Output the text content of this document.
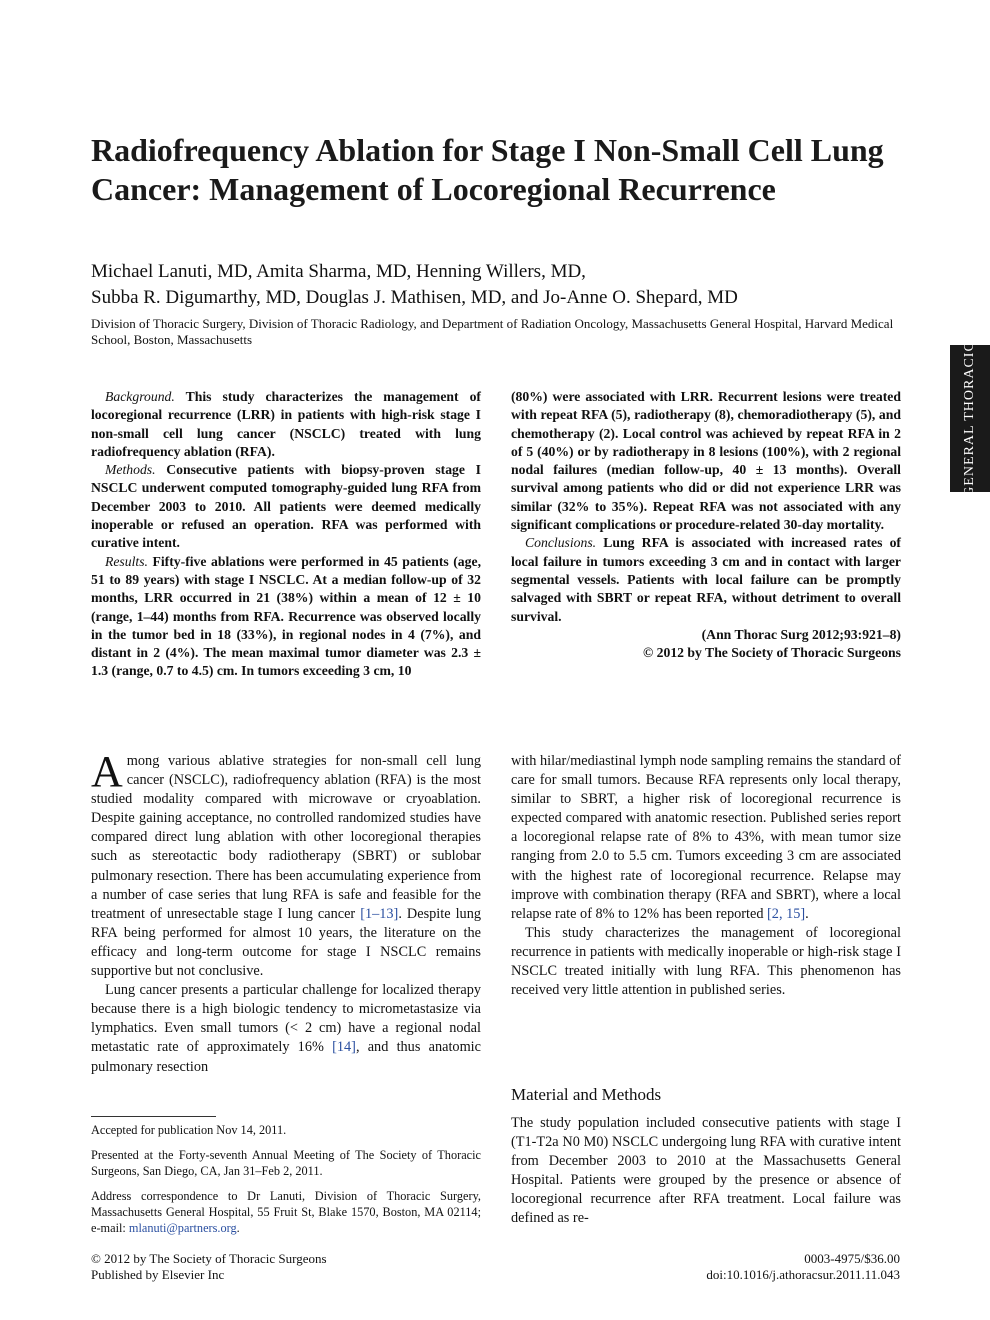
Radiofrequency Ablation for Stage I Non-Small Cell Lung Cancer: Management of Locoregional Recurrence
Michael Lanuti, MD, Amita Sharma, MD, Henning Willers, MD,
Subba R. Digumarthy, MD, Douglas J. Mathisen, MD, and Jo-Anne O. Shepard, MD
Division of Thoracic Surgery, Division of Thoracic Radiology, and Department of Radiation Oncology, Massachusetts General Hospital, Harvard Medical School, Boston, Massachusetts
GENERAL THORACIC

Background. This study characterizes the management of locoregional recurrence (LRR) in patients with high-risk stage I non-small cell lung cancer (NSCLC) treated with lung radiofrequency ablation (RFA).

Methods. Consecutive patients with biopsy-proven stage I NSCLC underwent computed tomography-guided lung RFA from December 2003 to 2010. All patients were deemed medically inoperable or refused an operation. RFA was performed with curative intent.

Results. Fifty-five ablations were performed in 45 patients (age, 51 to 89 years) with stage I NSCLC. At a median follow-up of 32 months, LRR occurred in 21 (38%) within a mean of 12 ± 10 (range, 1–44) months from RFA. Recurrence was observed locally in the tumor bed in 18 (33%), in regional nodes in 4 (7%), and distant in 2 (4%). The mean maximal tumor diameter was 2.3 ± 1.3 (range, 0.7 to 4.5) cm. In tumors exceeding 3 cm, 10

(80%) were associated with LRR. Recurrent lesions were treated with repeat RFA (5), radiotherapy (8), chemoradiotherapy (5), and chemotherapy (2). Local control was achieved by repeat RFA in 2 of 5 (40%) or by radiotherapy in 8 lesions (100%), with 2 regional nodal failures (median follow-up, 40 ± 13 months). Overall survival among patients who did or did not experience LRR was similar (32% to 35%). Repeat RFA was not associated with any significant complications or procedure-related 30-day mortality.

Conclusions. Lung RFA is associated with increased rates of local failure in tumors exceeding 3 cm and in contact with larger segmental vessels. Patients with local failure can be promptly salvaged with SBRT or repeat RFA, without detriment to overall survival.

(Ann Thorac Surg 2012;93:921–8)

© 2012 by The Society of Thoracic Surgeons

Among various ablative strategies for non-small cell lung cancer (NSCLC), radiofrequency ablation (RFA) is the most studied modality compared with microwave or cryoablation. Despite gaining acceptance, no controlled randomized studies have compared direct lung ablation with other locoregional therapies such as stereotactic body radiotherapy (SBRT) or sublobar pulmonary resection. There has been accumulating experience from a number of case series that lung RFA is safe and feasible for the treatment of unresectable stage I lung cancer [1–13]. Despite lung RFA being performed for almost 10 years, the literature on the efficacy and long-term outcome for stage I NSCLC remains supportive but not conclusive.

Lung cancer presents a particular challenge for localized therapy because there is a high biologic tendency to micrometastasize via lymphatics. Even small tumors (< 2 cm) have a regional nodal metastatic rate of approximately 16% [14], and thus anatomic pulmonary resection

with hilar/mediastinal lymph node sampling remains the standard of care for small tumors. Because RFA represents only local therapy, similar to SBRT, a higher risk of locoregional recurrence is expected compared with anatomic resection. Published series report a locoregional relapse rate of 8% to 43%, with mean tumor size ranging from 2.0 to 5.5 cm. Tumors exceeding 3 cm are associated with the highest rate of locoregional recurrence. Relapse may improve with combination therapy (RFA and SBRT), where a local relapse rate of 8% to 12% has been reported [2, 15].

This study characterizes the management of locoregional recurrence in patients with medically inoperable or high-risk stage I NSCLC treated initially with lung RFA. This phenomenon has received very little attention in published series.

Material and Methods

The study population included consecutive patients with stage I (T1-T2a N0 M0) NSCLC undergoing lung RFA with curative intent from December 2003 to 2010 at the Massachusetts General Hospital. Patients were grouped by the presence or absence of locoregional recurrence after RFA treatment. Local failure was defined as re-

Accepted for publication Nov 14, 2011.

Presented at the Forty-seventh Annual Meeting of The Society of Thoracic Surgeons, San Diego, CA, Jan 31–Feb 2, 2011.

Address correspondence to Dr Lanuti, Division of Thoracic Surgery, Massachusetts General Hospital, 55 Fruit St, Blake 1570, Boston, MA 02114; e-mail: mlanuti@partners.org.

© 2012 by The Society of Thoracic Surgeons
Published by Elsevier Inc
0003-4975/$36.00
doi:10.1016/j.athoracsur.2011.11.043
